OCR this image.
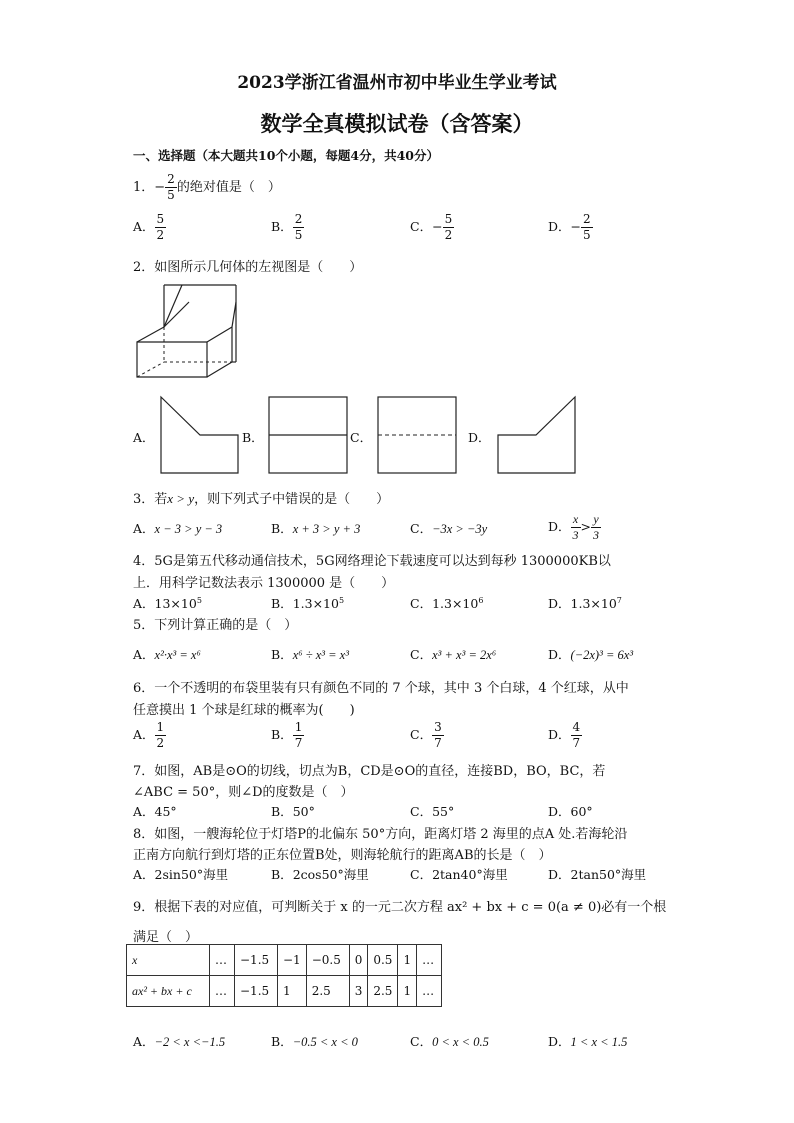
2023学浙江省温州市初中毕业生学业考试
数学全真模拟试卷（含答案）
一、选择题（本大题共10个小题，每题4分，共40分）
1．− $\frac{2}{5}$ 的绝对值是（　）
A． $\frac{5}{2}$	B． $\frac{2}{5}$	C．− $\frac{5}{2}$	D．− $\frac{2}{5}$
2．如图所示几何体的左视图是（　　）
A．	B．	C．	D．
3．若x > y，则下列式子中错误的是（　　）
A．x − 3 > y − 3	B．x + 3 > y + 3	C．−3x > −3y	D． $\frac{x}{3} > \frac{y}{3}$
4．5G是第五代移动通信技术，5G网络理论下载速度可以达到每秒 1300000KB以
上．用科学记数法表示 1300000 是（　　）
A．$13\times 10^5$	B．$1.3\times 10^5$	C．$1.3\times 10^6$	D．$1.3\times 10^7$
5．下列计算正确的是（　）
A．x²·x³ = x⁶	B．x⁶ ÷ x³ = x³	C．x³ + x³ = 2x⁶	D．(−2x)³ = 6x³
6．一个不透明的布袋里装有只有颜色不同的 7 个球，其中 3 个白球，4 个红球，从中
任意摸出 1 个球是红球的概率为(　　)
A． $\frac{1}{2}$	B． $\frac{1}{7}$	C． $\frac{3}{7}$	D． $\frac{4}{7}$
7．如图，AB是⊙O的切线，切点为B，CD是⊙O的直径，连接BD，BO，BC，若
∠ABC = 50°，则∠D的度数是（　）
A．45°	B．50°	C．55°	D．60°
8．如图，一艘海轮位于灯塔P的北偏东 50°方向，距离灯塔 2 海里的点A 处.若海轮沿
正南方向航行到灯塔的正东位置B处，则海轮航行的距离AB的长是（　）
A．2sin50°海里	B．2cos50°海里	C．2tan40°海里	D．2tan50°海里
9．根据下表的对应值，可判断关于 x 的一元二次方程 ax² + bx + c = 0(a ≠ 0)必有一个根
满足（　）
x	…	−1.5	−1	−0.5	0	0.5	1	…
ax² + bx + c	…	−1.5	1	2.5	3	2.5	1	…
A．−2 < x <−1.5	B．−0.5 < x < 0	C．0 < x < 0.5	D．1 < x < 1.5
